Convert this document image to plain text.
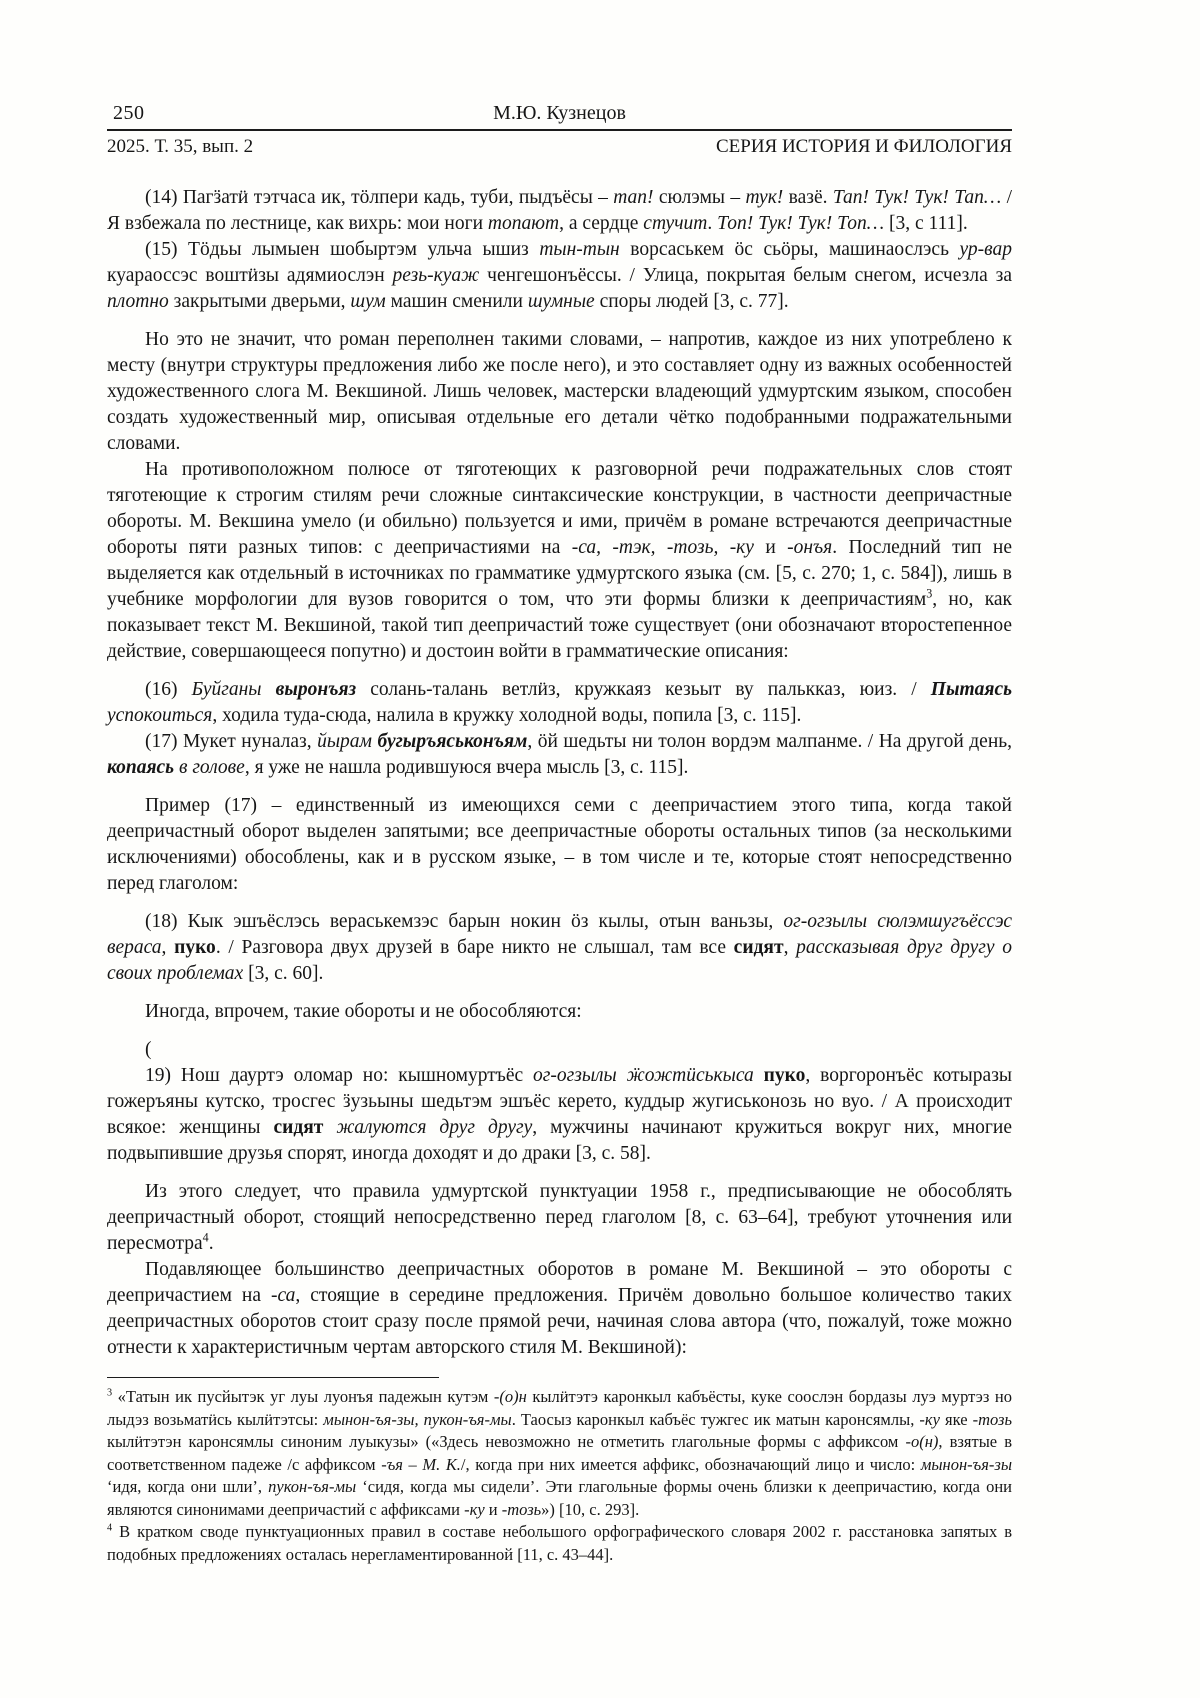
250	М.Ю. Кузнецов
2025. Т. 35, вып. 2	СЕРИЯ ИСТОРИЯ И ФИЛОЛОГИЯ

(14) Пагӟатӥ тэтчаса ик, тӧлпери кадь, туби, пыдъёсы – тап! сюлэмы – тук! вазё. Тап! Тук! Тук! Тап… / Я взбежала по лестнице, как вихрь: мои ноги топают, а сердце стучит. Топ! Тук! Тук! Топ… [3, с 111].

(15) Тӧдьы лымыен шобыртэм ульча ышиз тын-тын ворсаськем ӧс сьӧры, машинаослэсь ур-вар куараоссэс воштӥзы адямиослэн резь-куаж ченгешонъёссы. / Улица, покрытая белым снегом, исчезла за плотно закрытыми дверьми, шум машин сменили шумные споры людей [3, с. 77].

Но это не значит, что роман переполнен такими словами, – напротив, каждое из них употреблено к месту (внутри структуры предложения либо же после него), и это составляет одну из важных особенностей художественного слога М. Векшиной. Лишь человек, мастерски владеющий удмуртским языком, способен создать художественный мир, описывая отдельные его детали чётко подобранными подражательными словами.

На противоположном полюсе от тяготеющих к разговорной речи подражательных слов стоят тяготеющие к строгим стилям речи сложные синтаксические конструкции, в частности деепричастные обороты. М. Векшина умело (и обильно) пользуется и ими, причём в романе встречаются деепричастные обороты пяти разных типов: с деепричастиями на -са, -тэк, -тозь, -ку и -онъя. Последний тип не выделяется как отдельный в источниках по грамматике удмуртского языка (см. [5, с. 270; 1, с. 584]), лишь в учебнике морфологии для вузов говорится о том, что эти формы близки к деепричастиям$^3$, но, как показывает текст М. Векшиной, такой тип деепричастий тоже существует (они обозначают второстепенное действие, совершающееся попутно) и достоин войти в грамматические описания:

(16) Буйганы выронъяз солань-талань ветлӥз, кружкаяз кезьыт ву палькказ, юиз. / Пытаясь успокоиться, ходила туда-сюда, налила в кружку холодной воды, попила [3, с. 115].

(17) Мукет нуналаз, йырам бугыръяськонъям, ӧй шедьты ни толон вордэм малпанме. / На другой день, копаясь в голове, я уже не нашла родившуюся вчера мысль [3, с. 115].

Пример (17) – единственный из имеющихся семи с деепричастием этого типа, когда такой деепричастный оборот выделен запятыми; все деепричастные обороты остальных типов (за несколькими исключениями) обособлены, как и в русском языке, – в том числе и те, которые стоят непосредственно перед глаголом:

(18) Кык эшъёслэсь вераськемзэс барын нокин ӧз кылы, отын ваньзы, ог-огзылы сюлэмшугъёссэс вераса, пуко. / Разговора двух друзей в баре никто не слышал, там все сидят, рассказывая друг другу о своих проблемах [3, с. 60].

Иногда, впрочем, такие обороты и не обособляются:

(

19) Нош дауртэ оломар но: кышномуртъёс ог-огзылы ӝожтӥськыса пуко, воргоронъёс котыразы гожеръяны кутско, тросгес ӟузьыны шедьтэм эшъёс керето, куддыр жугиськонозь но вуо. / А происходит всякое: женщины сидят жалуются друг другу, мужчины начинают кружиться вокруг них, многие подвыпившие друзья спорят, иногда доходят и до драки [3, с. 58].

Из этого следует, что правила удмуртской пунктуации 1958 г., предписывающие не обособлять деепричастный оборот, стоящий непосредственно перед глаголом [8, с. 63–64], требуют уточнения или пересмотра$^4$.

Подавляющее большинство деепричастных оборотов в романе М. Векшиной – это обороты с деепричастием на -са, стоящие в середине предложения. Причём довольно большое количество таких деепричастных оборотов стоит сразу после прямой речи, начиная слова автора (что, пожалуй, тоже можно отнести к характеристичным чертам авторского стиля М. Векшиной):

$^3$ «Татын ик пусйытэк уг луы луонъя падежын кутэм -(о)н кылӥтэтэ каронкыл кабъёсты, куке соослэн бордазы луэ муртэз но лыдэз возьматӥсь кылӥтэтсы: мынон-ъя-зы, пукон-ъя-мы. Таосыз каронкыл кабъёс тужгес ик матын каронсямлы, -ку яке -тозь кылӥтэтэн каронсямлы синоним луыкузы» («Здесь невозможно не отметить глагольные формы с аффиксом -о(н), взятые в соответственном падеже /с аффиксом -ъя – М. К./, когда при них имеется аффикс, обозначающий лицо и число: мынон-ъя-зы ‘идя, когда они шли’, пукон-ъя-мы ‘сидя, когда мы сидели’. Эти глагольные формы очень близки к деепричастию, когда они являются синонимами деепричастий с аффиксами -ку и -тозь») [10, с. 293].

$^4$ В кратком своде пунктуационных правил в составе небольшого орфографического словаря 2002 г. расстановка запятых в подобных предложениях осталась нерегламентированной [11, с. 43–44].
